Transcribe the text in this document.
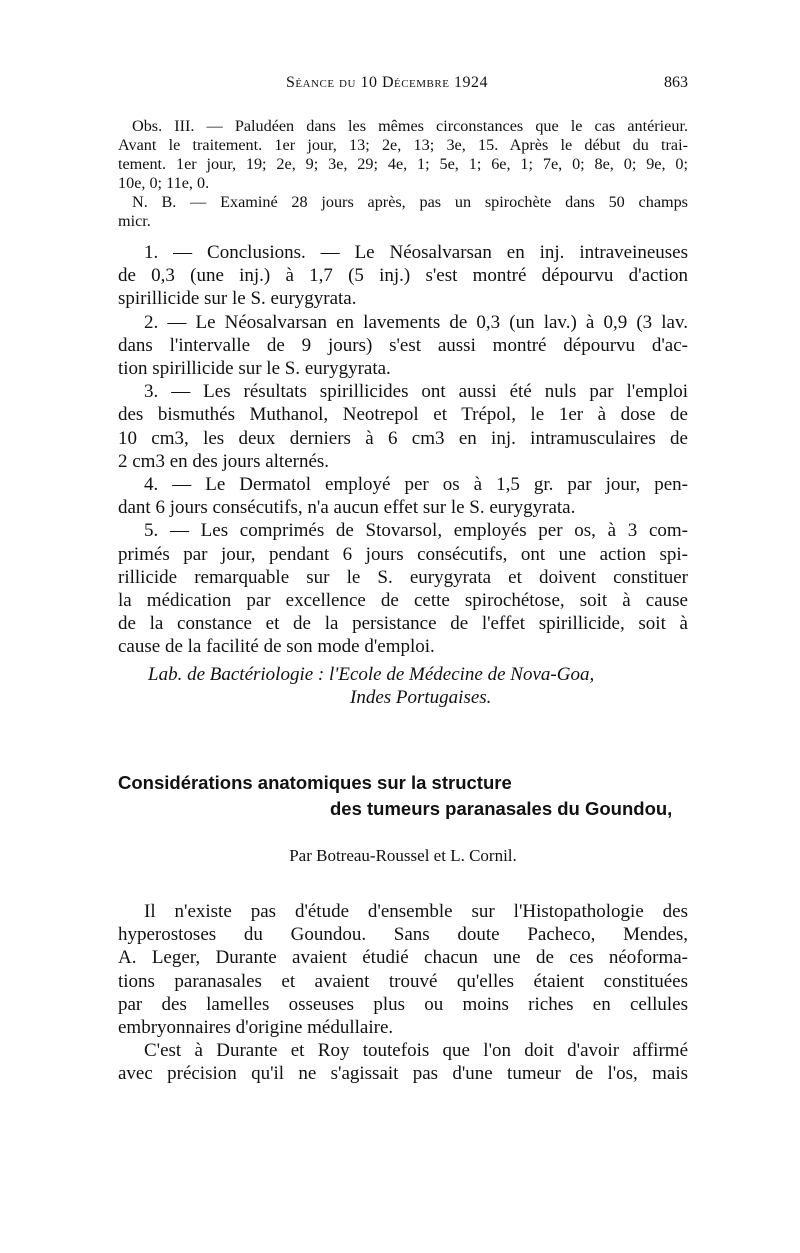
Séance du 10 Décembre 1924	863
Obs. III. — Paludéen dans les mêmes circonstances que le cas antérieur.
Avant le traitement. 1er jour, 13; 2e, 13; 3e, 15. Après le début du trai-
tement. 1er jour, 19; 2e, 9; 3e, 29; 4e, 1; 5e, 1; 6e, 1; 7e, 0; 8e, 0; 9e, 0;
10e, 0; 11e, 0.
N. B. — Examiné 28 jours après, pas un spirochète dans 50 champs
micr.
1. — Conclusions. — Le Néosalvarsan en inj. intraveineuses
de 0,3 (une inj.) à 1,7 (5 inj.) s'est montré dépourvu d'action
spirillicide sur le S. eurygyrata.
2. — Le Néosalvarsan en lavements de 0,3 (un lav.) à 0,9 (3 lav.
dans l'intervalle de 9 jours) s'est aussi montré dépourvu d'ac-
tion spirillicide sur le S. eurygyrata.
3. — Les résultats spirillicides ont aussi été nuls par l'emploi
des bismuthés Muthanol, Neotrepol et Trépol, le 1er à dose de
10 cm3, les deux derniers à 6 cm3 en inj. intramusculaires de
2 cm3 en des jours alternés.
4. — Le Dermatol employé per os à 1,5 gr. par jour, pen-
dant 6 jours consécutifs, n'a aucun effet sur le S. eurygyrata.
5. — Les comprimés de Stovarsol, employés per os, à 3 com-
primés par jour, pendant 6 jours consécutifs, ont une action spi-
rillicide remarquable sur le S. eurygyrata et doivent constituer
la médication par excellence de cette spirochétose, soit à cause
de la constance et de la persistance de l'effet spirillicide, soit à
cause de la facilité de son mode d'emploi.
Lab. de Bactériologie : l'Ecole de Médecine de Nova-Goa,
Indes Portugaises.
Considérations anatomiques sur la structure
des tumeurs paranasales du Goundou,
Par Botreau-Roussel et L. Cornil.
Il n'existe pas d'étude d'ensemble sur l'Histopathologie des
hyperostoses du Goundou. Sans doute Pacheco, Mendes,
A. Leger, Durante avaient étudié chacun une de ces néoforma-
tions paranasales et avaient trouvé qu'elles étaient constituées
par des lamelles osseuses plus ou moins riches en cellules
embryonnaires d'origine médullaire.
C'est à Durante et Roy toutefois que l'on doit d'avoir affirmé
avec précision qu'il ne s'agissait pas d'une tumeur de l'os, mais
